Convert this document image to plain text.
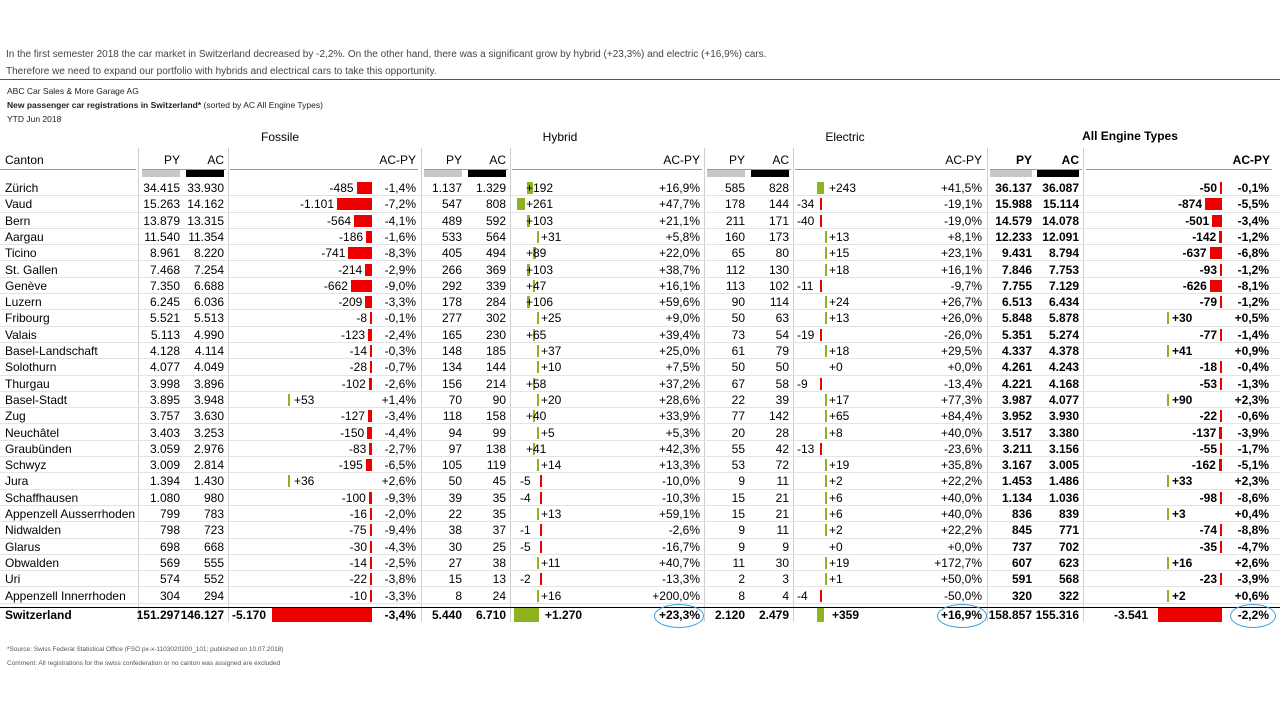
In the first semester 2018 the car market in Switzerland decreased by -2,2%. On the other hand, there was a significant grow by hybrid (+23,3%) and electric (+16,9%) cars.
Therefore we need to expand our portfolio with hybrids and electrical cars to take this opportunity.
ABC Car Sales & More Garage AG
New passenger car registrations in Switzerland* (sorted by AC All Engine Types)
YTD Jun 2018
Fossile	Hybrid	Electric	All Engine Types
Canton	PY	AC	AC-PY	PY	AC	AC-PY	PY	AC	AC-PY	PY	AC	AC-PY
Zürich	34.415 33.930	-485	-1,4%	1.137	1.329 +192	+16,9%	585	828	+243	+41,5%	36.137 36.087	-50	-0,1%
Vaud	15.263 14.162	-1.101	-7,2%	547	808 +261	+47,7%	178	144 -34	-19,1%	15.988 15.114	-874	-5,5%
Bern	13.879 13.315	-564	-4,1%	489	592 +103	+21,1%	211	171 -40	-19,0%	14.579 14.078	-501	-3,4%
Aargau	11.540 11.354	-186	-1,6%	533	564	+31	+5,8%	160	173	+13	+8,1%	12.233 12.091	-142	-1,2%
Ticino	8.961	8.220	-741	-8,3%	405	494 +89	+22,0%	65	80	+15	+23,1%	9.431	8.794	-637	-6,8%
St. Gallen	7.468	7.254	-214	-2,9%	266	369 +103	+38,7%	112	130	+18	+16,1%	7.846	7.753	-93	-1,2%
Genève	7.350	6.688	-662	-9,0%	292	339 +47	+16,1%	113	102 -11	-9,7%	7.755	7.129	-626	-8,1%
Luzern	6.245	6.036	-209	-3,3%	178	284 +106	+59,6%	90	114	+24	+26,7%	6.513	6.434	-79	-1,2%
Fribourg	5.521	5.513	-8	-0,1%	277	302	+25	+9,0%	50	63	+13	+26,0%	5.848	5.878	+30	+0,5%
Valais	5.113	4.990	-123	-2,4%	165	230 +65	+39,4%	73	54 -19	-26,0%	5.351	5.274	-77	-1,4%
Basel-Landschaft	4.128	4.114	-14	-0,3%	148	185	+37	+25,0%	61	79	+18	+29,5%	4.337	4.378	+41	+0,9%
Solothurn	4.077	4.049	-28	-0,7%	134	144	+10	+7,5%	50	50	+0	+0,0%	4.261	4.243	-18	-0,4%
Thurgau	3.998	3.896	-102	-2,6%	156	214 +58	+37,2%	67	58 -9	-13,4%	4.221	4.168	-53	-1,3%
Basel-Stadt	3.895	3.948	+53	+1,4%	70	90	+20	+28,6%	22	39	+17	+77,3%	3.987	4.077	+90	+2,3%
Zug	3.757	3.630	-127	-3,4%	118	158 +40	+33,9%	77	142	+65	+84,4%	3.952	3.930	-22	-0,6%
Neuchâtel	3.403	3.253	-150	-4,4%	94	99	+5	+5,3%	20	28	+8	+40,0%	3.517	3.380	-137	-3,9%
Graubünden	3.059	2.976	-83	-2,7%	97	138 +41	+42,3%	55	42 -13	-23,6%	3.211	3.156	-55	-1,7%
Schwyz	3.009	2.814	-195	-6,5%	105	119	+14	+13,3%	53	72	+19	+35,8%	3.167	3.005	-162	-5,1%
Jura	1.394	1.430	+36	+2,6%	50	45 -5	-10,0%	9	11	+2	+22,2%	1.453	1.486	+33	+2,3%
Schaffhausen	1.080	980	-100	-9,3%	39	35 -4	-10,3%	15	21	+6	+40,0%	1.134	1.036	-98	-8,6%
Appenzell Ausserrhoden	799	783	-16	-2,0%	22	35	+13	+59,1%	15	21	+6	+40,0%	836	839	+3	+0,4%
Nidwalden	798	723	-75	-9,4%	38	37 -1	-2,6%	9	11	+2	+22,2%	845	771	-74	-8,8%
Glarus	698	668	-30	-4,3%	30	25 -5	-16,7%	9	9	+0	+0,0%	737	702	-35	-4,7%
Obwalden	569	555	-14	-2,5%	27	38	+11	+40,7%	11	30	+19	+172,7%	607	623	+16	+2,6%
Uri	574	552	-22	-3,8%	15	13 -2	-13,3%	2	3	+1	+50,0%	591	568	-23	-3,9%
Appenzell Innerrhoden	304	294	-10	-3,3%	8	24	+16	+200,0%	8	4 -4	-50,0%	320	322	+2	+0,6%
Switzerland	151.297 146.127 -5.170	-3,4%	5.440	6.710	+1.270	+23,3%	2.120	2.479	+359	+16,9% 158.857 155.316	-3.541	-2,2%
*Source: Swiss Federal Statistical Office (FSO px-x-1103020200_101; published on 10.07.2018)
Comment: All registrations for the swiss confederation or no canton was assigned are excluded
